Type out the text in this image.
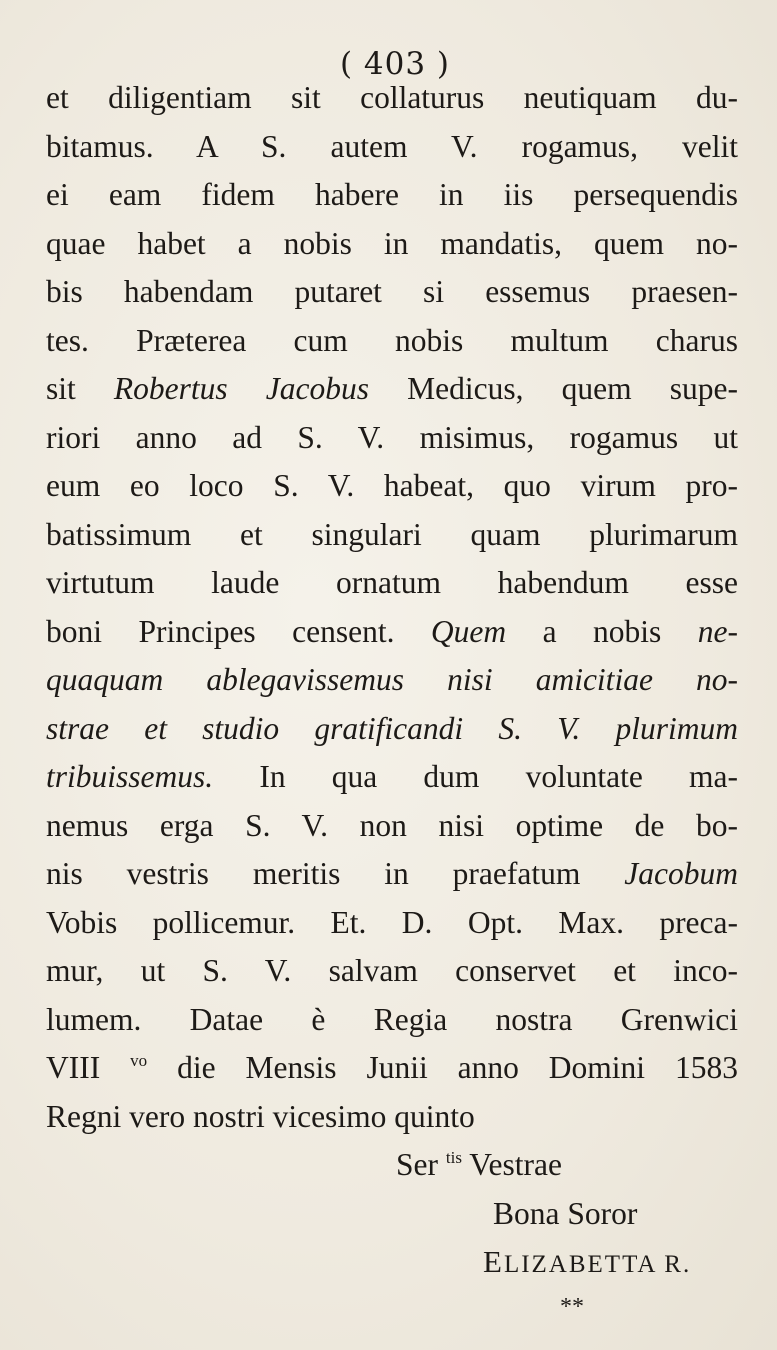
( 403 )
et diligentiam sit collaturus neutiquam du-
bitamus. A S. autem V. rogamus, velit
ei eam fidem habere in iis persequendis
quae habet a nobis in mandatis, quem no-
bis habendam putaret si essemus praesen-
tes. Præterea cum nobis multum charus
sit Robertus Jacobus Medicus, quem supe-
riori anno ad S. V. misimus, rogamus ut
eum eo loco S. V. habeat, quo virum pro-
batissimum et singulari quam plurimarum
virtutum laude ornatum habendum esse
boni Principes censent. Quem a nobis ne-
quaquam ablegavissemus nisi amicitiae no-
strae et studio gratificandi S. V. plurimum
tribuissemus. In qua dum voluntate ma-
nemus erga S. V. non nisi optime de bo-
nis vestris meritis in praefatum Jacobum
Vobis pollicemur. Et. D. Opt. Max. preca-
mur, ut S. V. salvam conservet et inco-
lumem. Datae è Regia nostra Grenwici
VIII $^{vo}$ die Mensis Junii anno Domini 1583
Regni vero nostri vicesimo quinto
Ser $^{tis}$ Vestrae
Bona Soror
ELIZABETTA R.
**
